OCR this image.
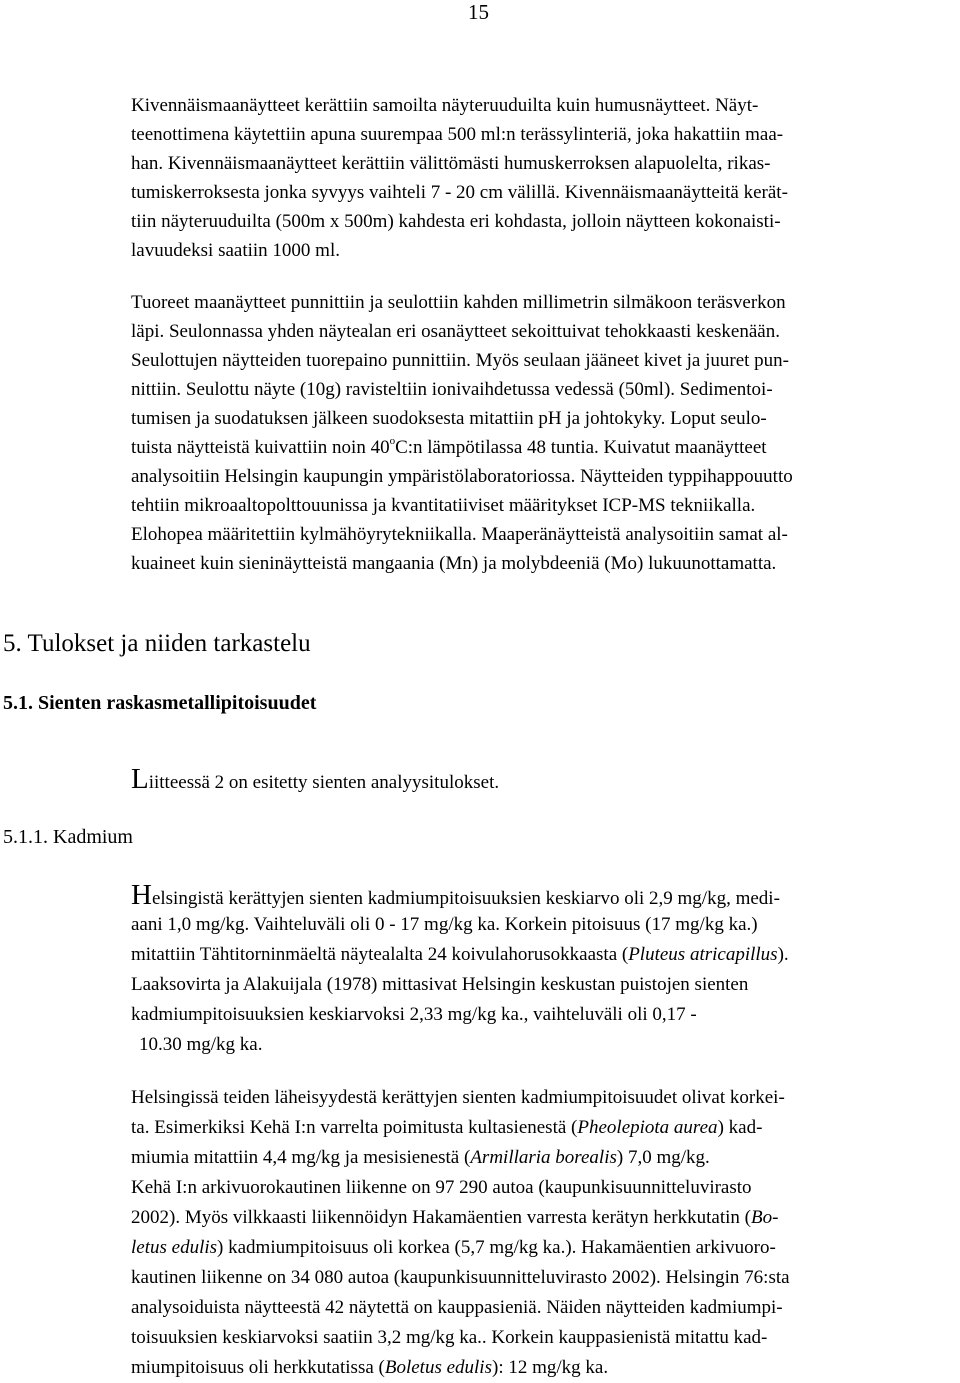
15
Kivennäismaanäytteet kerättiin samoilta näyteruuduilta kuin humusnäytteet. Näyt-
teenottimena käytettiin apuna suurempaa 500 ml:n terässylinteriä, joka hakattiin maa-
han. Kivennäismaanäytteet kerättiin välittömästi humuskerroksen alapuolelta, rikas-
tumiskerroksesta jonka syvyys vaihteli 7 - 20 cm välillä. Kivennäismaanäytteitä kerät-
tiin näyteruuduilta (500m x 500m) kahdesta eri kohdasta, jolloin näytteen kokonaisti-
lavuudeksi saatiin 1000 ml.
Tuoreet maanäytteet punnittiin ja seulottiin kahden millimetrin silmäkoon teräsverkon
läpi. Seulonnassa yhden näytealan eri osanäytteet sekoittuivat tehokkaasti keskenään.
Seulottujen näytteiden tuorepaino punnittiin. Myös seulaan jääneet kivet ja juuret pun-
nittiin. Seulottu näyte (10g) ravisteltiin ionivaihdetussa vedessä (50ml). Sedimentoi-
tumisen ja suodatuksen jälkeen suodoksesta mitattiin pH ja johtokyky. Loput seulo-
tuista näytteistä kuivattiin noin 40$^o$C:n lämpötilassa 48 tuntia. Kuivatut maanäytteet
analysoitiin Helsingin kaupungin ympäristölaboratoriossa. Näytteiden typpihappouutto
tehtiin mikroaaltopolttouunissa ja kvantitatiiviset määritykset ICP-MS tekniikalla.
Elohopea määritettiin kylmähöyrytekniikalla. Maaperänäytteistä analysoitiin samat al-
kuaineet kuin sieninäytteistä mangaania (Mn) ja molybdeeniä (Mo) lukuunottamatta.
5. Tulokset ja niiden tarkastelu
5.1. Sienten raskasmetallipitoisuudet
Liitteessä 2 on esitetty sienten analyysitulokset.
5.1.1. Kadmium
Helsingistä kerättyjen sienten kadmiumpitoisuuksien keskiarvo oli 2,9 mg/kg, medi-
aani 1,0 mg/kg. Vaihteluväli oli 0 - 17 mg/kg ka. Korkein pitoisuus (17 mg/kg ka.)
mitattiin Tähtitorninmäeltä näytealalta 24 koivulahorusokkaasta (Pluteus atricapillus).
Laaksovirta ja Alakuijala (1978) mittasivat Helsingin keskustan puistojen sienten
kadmiumpitoisuuksien keskiarvoksi 2,33 mg/kg ka., vaihteluväli oli 0,17 -
10.30 mg/kg ka.
Helsingissä teiden läheisyydestä kerättyjen sienten kadmiumpitoisuudet olivat korkei-
ta. Esimerkiksi Kehä I:n varrelta poimitusta kultasienestä (Pheolepiota aurea) kad-
miumia mitattiin 4,4 mg/kg ja mesisienestä (Armillaria borealis) 7,0 mg/kg.
Kehä I:n arkivuorokautinen liikenne on 97 290 autoa (kaupunkisuunnitteluvirasto
2002). Myös vilkkaasti liikennöidyn Hakamäentien varresta kerätyn herkkutatin (Bo-
letus edulis) kadmiumpitoisuus oli korkea (5,7 mg/kg ka.). Hakamäentien arkivuoro-
kautinen liikenne on 34 080 autoa (kaupunkisuunnitteluvirasto 2002). Helsingin 76:sta
analysoiduista näytteestä 42 näytettä on kauppasieniä. Näiden näytteiden kadmiumpi-
toisuuksien keskiarvoksi saatiin 3,2 mg/kg ka.. Korkein kauppasienistä mitattu kad-
miumpitoisuus oli herkkutatissa (Boletus edulis): 12 mg/kg ka.
